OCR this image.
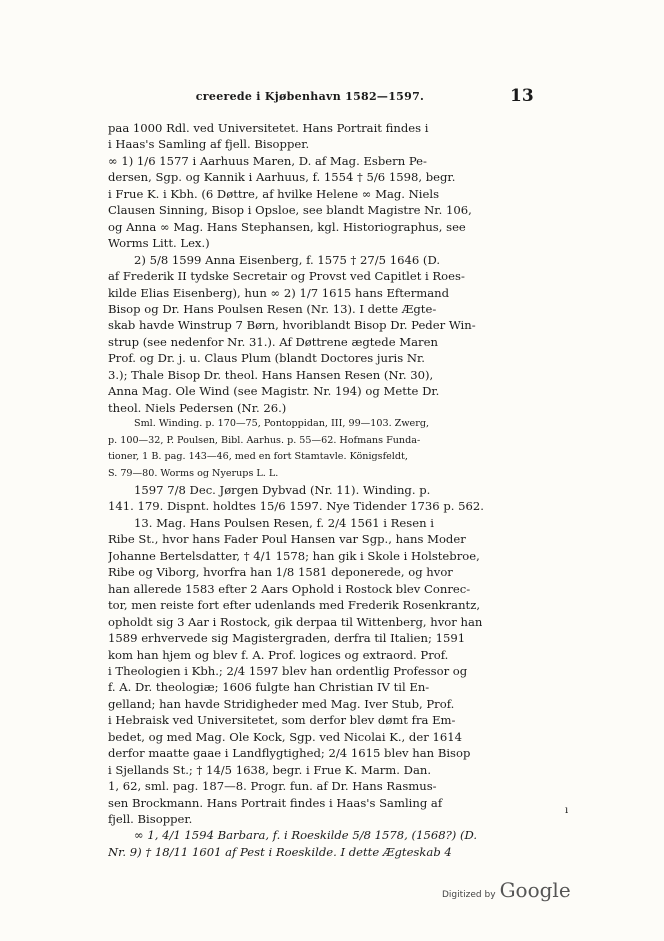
creerede i Kjøbenhavn 1582—1597.	13
paa 1000 Rdl. ved Universitetet. Hans Portrait findes i
i Haas's Samling af fjell. Bisopper.
∞ 1) 1/6 1577 i Aarhuus Maren, D. af Mag. Esbern Pe-
dersen, Sgp. og Kannik i Aarhuus, f. 1554 † 5/6 1598, begr.
i Frue K. i Kbh. (6 Døttre, af hvilke Helene ∞ Mag. Niels
Clausen Sinning, Bisop i Opsloe, see blandt Magistre Nr. 106,
og Anna ∞ Mag. Hans Stephansen, kgl. Historiographus, see
Worms Litt. Lex.)
2) 5/8 1599 Anna Eisenberg, f. 1575 † 27/5 1646 (D.
af Frederik II tydske Secretair og Provst ved Capitlet i Roes-
kilde Elias Eisenberg), hun ∞ 2) 1/7 1615 hans Eftermand
Bisop og Dr. Hans Poulsen Resen (Nr. 13). I dette Ægte-
skab havde Winstrup 7 Børn, hvoriblandt Bisop Dr. Peder Win-
strup (see nedenfor Nr. 31.). Af Døttrene ægtede Maren
Prof. og Dr. j. u. Claus Plum (blandt Doctores juris Nr.
3.); Thale Bisop Dr. theol. Hans Hansen Resen (Nr. 30),
Anna Mag. Ole Wind (see Magistr. Nr. 194) og Mette Dr.
theol. Niels Pedersen (Nr. 26.)
Sml. Winding. p. 170—75, Pontoppidan, III, 99—103. Zwerg,
p. 100—32, P. Poulsen, Bibl. Aarhus. p. 55—62. Hofmans Funda-
tioner, 1 B. pag. 143—46, med en fort Stamtavle. Königsfeldt,
S. 79—80. Worms og Nyerups L. L.
1597 7/8 Dec. Jørgen Dybvad (Nr. 11). Winding. p.
141. 179. Dispnt. holdtes 15/6 1597. Nye Tidender 1736 p. 562.
13. Mag. Hans Poulsen Resen, f. 2/4 1561 i Resen i
Ribe St., hvor hans Fader Poul Hansen var Sgp., hans Moder
Johanne Bertelsdatter, † 4/1 1578; han gik i Skole i Holstebroe,
Ribe og Viborg, hvorfra han 1/8 1581 deponerede, og hvor
han allerede 1583 efter 2 Aars Ophold i Rostock blev Conrec-
tor, men reiste fort efter udenlands med Frederik Rosenkrantz,
opholdt sig 3 Aar i Rostock, gik derpaa til Wittenberg, hvor han
1589 erhvervede sig Magistergraden, derfra til Italien; 1591
kom han hjem og blev f. A. Prof. logices og extraord. Prof.
i Theologien i Kbh.; 2/4 1597 blev han ordentlig Professor og
f. A. Dr. theologiæ; 1606 fulgte han Christian IV til En-
gelland; han havde Stridigheder med Mag. Iver Stub, Prof.
i Hebraisk ved Universitetet, som derfor blev dømt fra Em-
bedet, og med Mag. Ole Kock, Sgp. ved Nicolai K., der 1614
derfor maatte gaae i Landflygtighed; 2/4 1615 blev han Bisop
i Sjellands St.; † 14/5 1638, begr. i Frue K. Marm. Dan.
1, 62, sml. pag. 187—8. Progr. fun. af Dr. Hans Rasmus-
sen Brockmann. Hans Portrait findes i Haas's Samling af
fjell. Bisopper.
∞ 1, 4/1 1594 Barbara, f. i Roeskilde 5/8 1578, (1568?) (D.
Nr. 9) † 18/11 1601 af Pest i Roeskilde. I dette Ægteskab 4
ı
Digitized by Google
